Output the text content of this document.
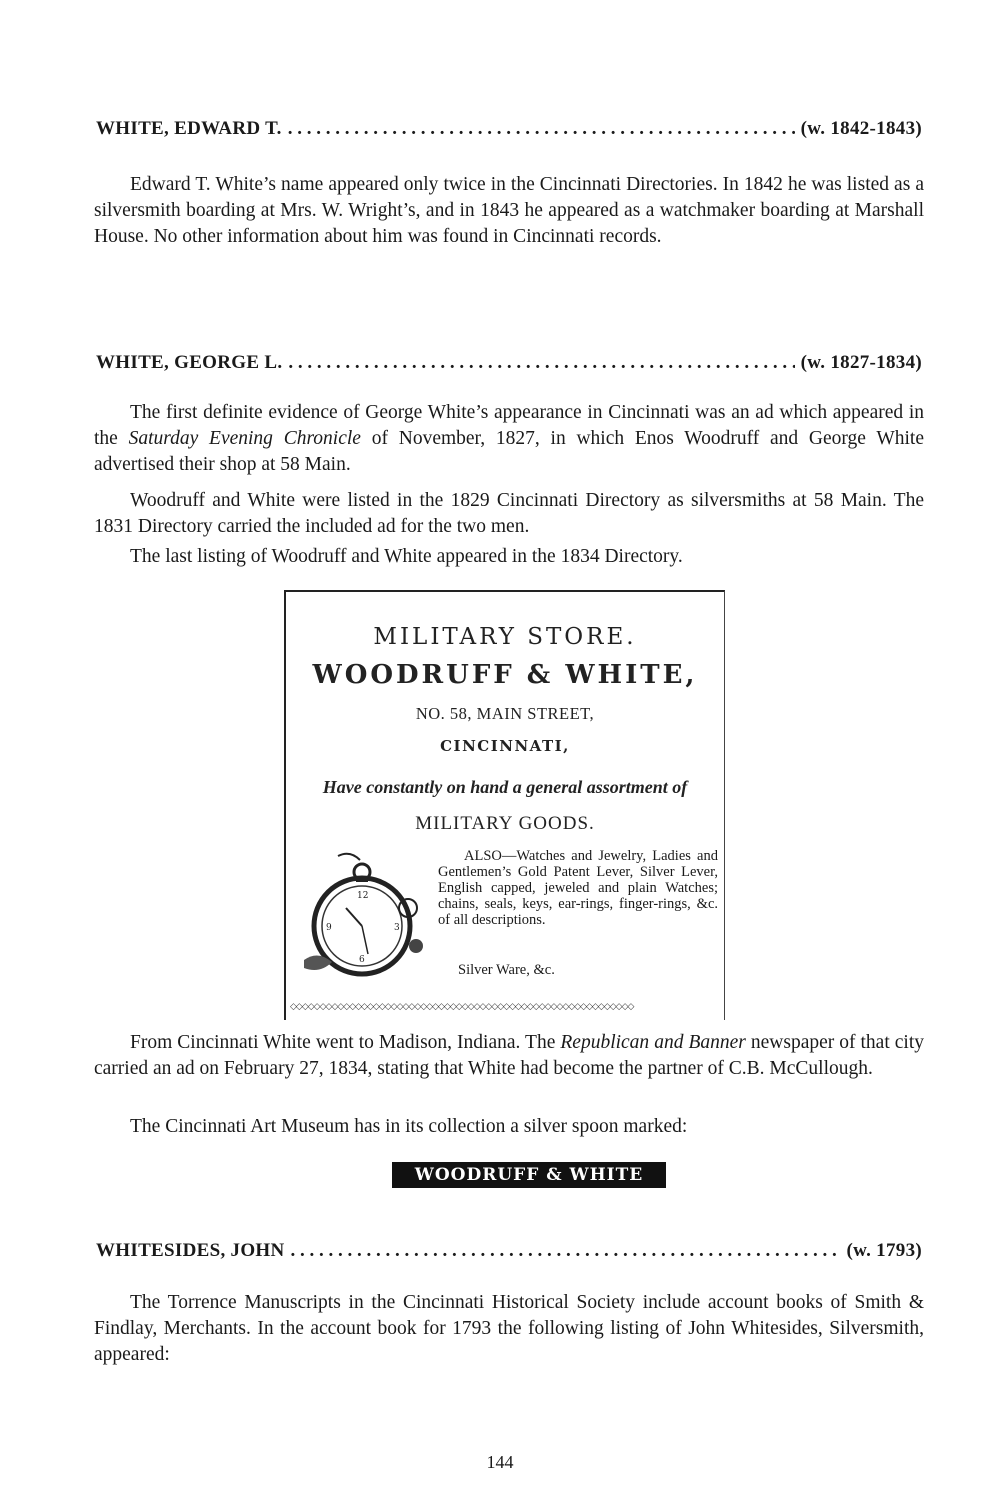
WHITE, EDWARD T. . . .	(w. 1842-1843)

Edward T. White’s name appeared only twice in the Cincinnati Directories. In 1842 he was listed as a silversmith boarding at Mrs. W. Wright’s, and in 1843 he appeared as a watchmaker boarding at Marshall House. No other information about him was found in Cincinnati records.

WHITE, GEORGE L. . . .	(w. 1827-1834)

The first definite evidence of George White’s appearance in Cincinnati was an ad which appeared in the Saturday Evening Chronicle of November, 1827, in which Enos Woodruff and George White advertised their shop at 58 Main.

Woodruff and White were listed in the 1829 Cincinnati Directory as silversmiths at 58 Main. The 1831 Directory carried the included ad for the two men.

The last listing of Woodruff and White appeared in the 1834 Directory.

MILITARY STORE.
WOODRUFF & WHITE,
NO. 58, MAIN STREET,
CINCINNATI,
Have constantly on hand a general assortment of
MILITARY GOODS.
12
3
6
9
ALSO—Watches and Jewelry, Ladies and Gentlemen’s Gold Patent Lever, Silver Lever, English capped, jeweled and plain Watches; chains, seals, keys, ear-rings, finger-rings, &c. of all descriptions.
Silver Ware, &c.
◇◇◇◇◇◇◇◇◇◇◇◇◇◇◇◇◇◇◇◇◇◇◇◇◇◇◇◇◇◇◇◇◇◇◇◇◇◇◇◇◇◇◇◇◇◇◇◇◇◇◇◇◇◇◇◇◇◇

From Cincinnati White went to Madison, Indiana. The Republican and Banner newspaper of that city carried an ad on February 27, 1834, stating that White had become the partner of C.B. McCullough.

The Cincinnati Art Museum has in its collection a silver spoon marked:

WOODRUFF & WHITE
WHITESIDES, JOHN . . .	(w. 1793)

The Torrence Manuscripts in the Cincinnati Historical Society include account books of Smith & Findlay, Merchants. In the account book for 1793 the following listing of John Whitesides, Silversmith, appeared:

144
